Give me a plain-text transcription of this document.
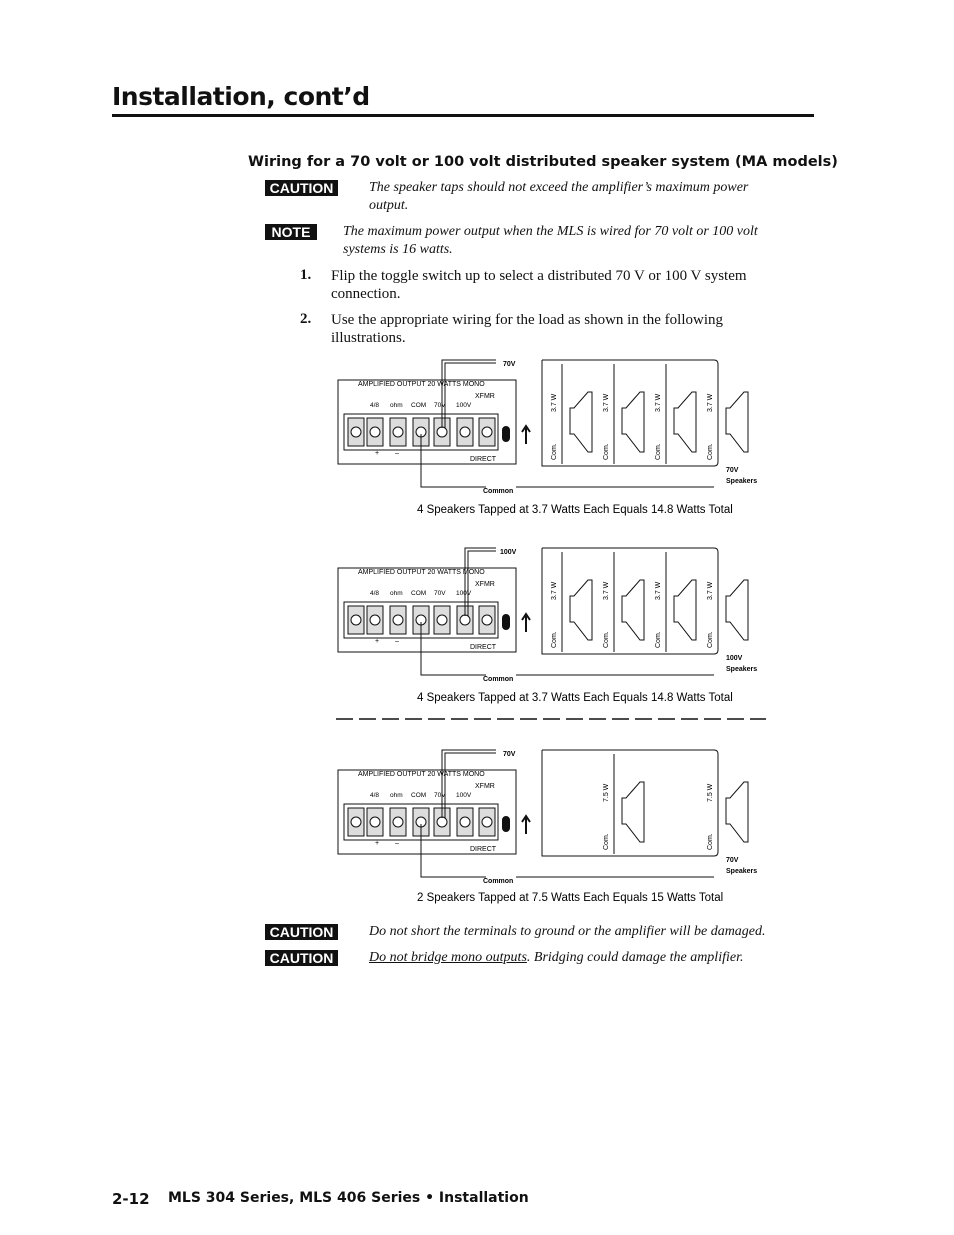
Installation, cont’d
Wiring for a 70 volt or 100 volt distributed speaker system (MA models)
CAUTION	The speaker taps should not exceed the amplifier’s maximum power output.
NOTE	The maximum power output when the MLS is wired for 70 volt or 100 volt systems is 16 watts.
1. Flip the toggle switch up to select a distributed 70 V or 100 V system connection.
2. Use the appropriate wiring for the load as shown in the following illustrations.
AMPLIFIED OUTPUT 20 WATTS MONO
XFMR
4/8 ohm COM 70V 100V
+ –
DIRECT
70V
Common
3.7 W	3.7 W	3.7 W	3.7 W
Com.	Com.	Com.	Com.
70V
Speakers
4 Speakers Tapped at 3.7 Watts Each Equals 14.8 Watts Total
AMPLIFIED OUTPUT 20 WATTS MONO
XFMR
4/8 ohm COM 70V 100V
+ –
DIRECT
100V
Common
3.7 W	3.7 W	3.7 W	3.7 W
Com.	Com.	Com.	Com.
100V
Speakers
4 Speakers Tapped at 3.7 Watts Each Equals 14.8 Watts Total
AMPLIFIED OUTPUT 20 WATTS MONO
XFMR
4/8 ohm COM 70V 100V
+ –
DIRECT
70V
Common
7.5 W	7.5 W
Com.	Com.
70V
Speakers
2 Speakers Tapped at 7.5 Watts Each Equals 15 Watts Total
CAUTION	Do not short the terminals to ground or the amplifier will be damaged.
CAUTION	Do not bridge mono outputs. Bridging could damage the amplifier.
2-12 MLS 304 Series, MLS 406 Series • Installation
